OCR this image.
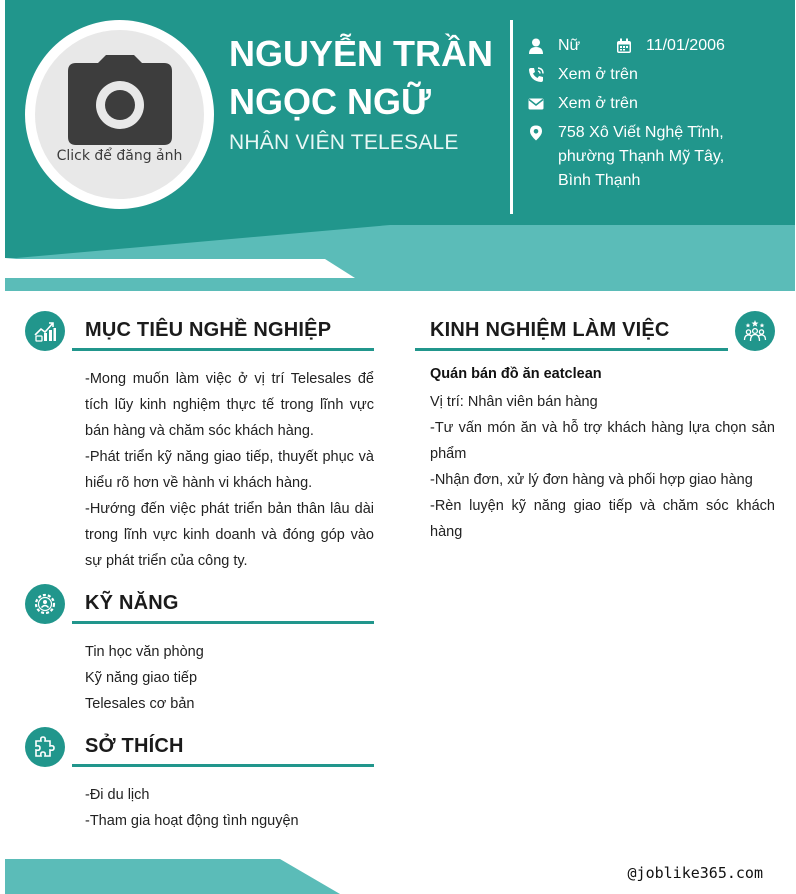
Click để đăng ảnh
NGUYỄN TRẦN
NGỌC NGỮ
NHÂN VIÊN TELESALE
Nữ	11/01/2006
Xem ở trên
Xem ở trên
758 Xô Viết Nghệ Tĩnh,
phường Thạnh Mỹ Tây,
Bình Thạnh
MỤC TIÊU NGHỀ NGHIỆP

-Mong muốn làm việc ở vị trí Telesales để tích lũy kinh nghiệm thực tế trong lĩnh vực bán hàng và chăm sóc khách hàng.

-Phát triển kỹ năng giao tiếp, thuyết phục và hiểu rõ hơn về hành vi khách hàng.

-Hướng đến việc phát triển bản thân lâu dài trong lĩnh vực kinh doanh và đóng góp vào sự phát triển của công ty.

KỸ NĂNG
Tin học văn phòng
Kỹ năng giao tiếp
Telesales cơ bản
SỞ THÍCH
-Đi du lịch
-Tham gia hoạt động tình nguyện
KINH NGHIỆM LÀM VIỆC
Quán bán đồ ăn eatclean
Vị trí: Nhân viên bán hàng
-Tư vấn món ăn và hỗ trợ khách hàng lựa chọn sản phẩm
-Nhận đơn, xử lý đơn hàng và phối hợp giao hàng
-Rèn luyện kỹ năng giao tiếp và chăm sóc khách hàng
@joblike365.com
